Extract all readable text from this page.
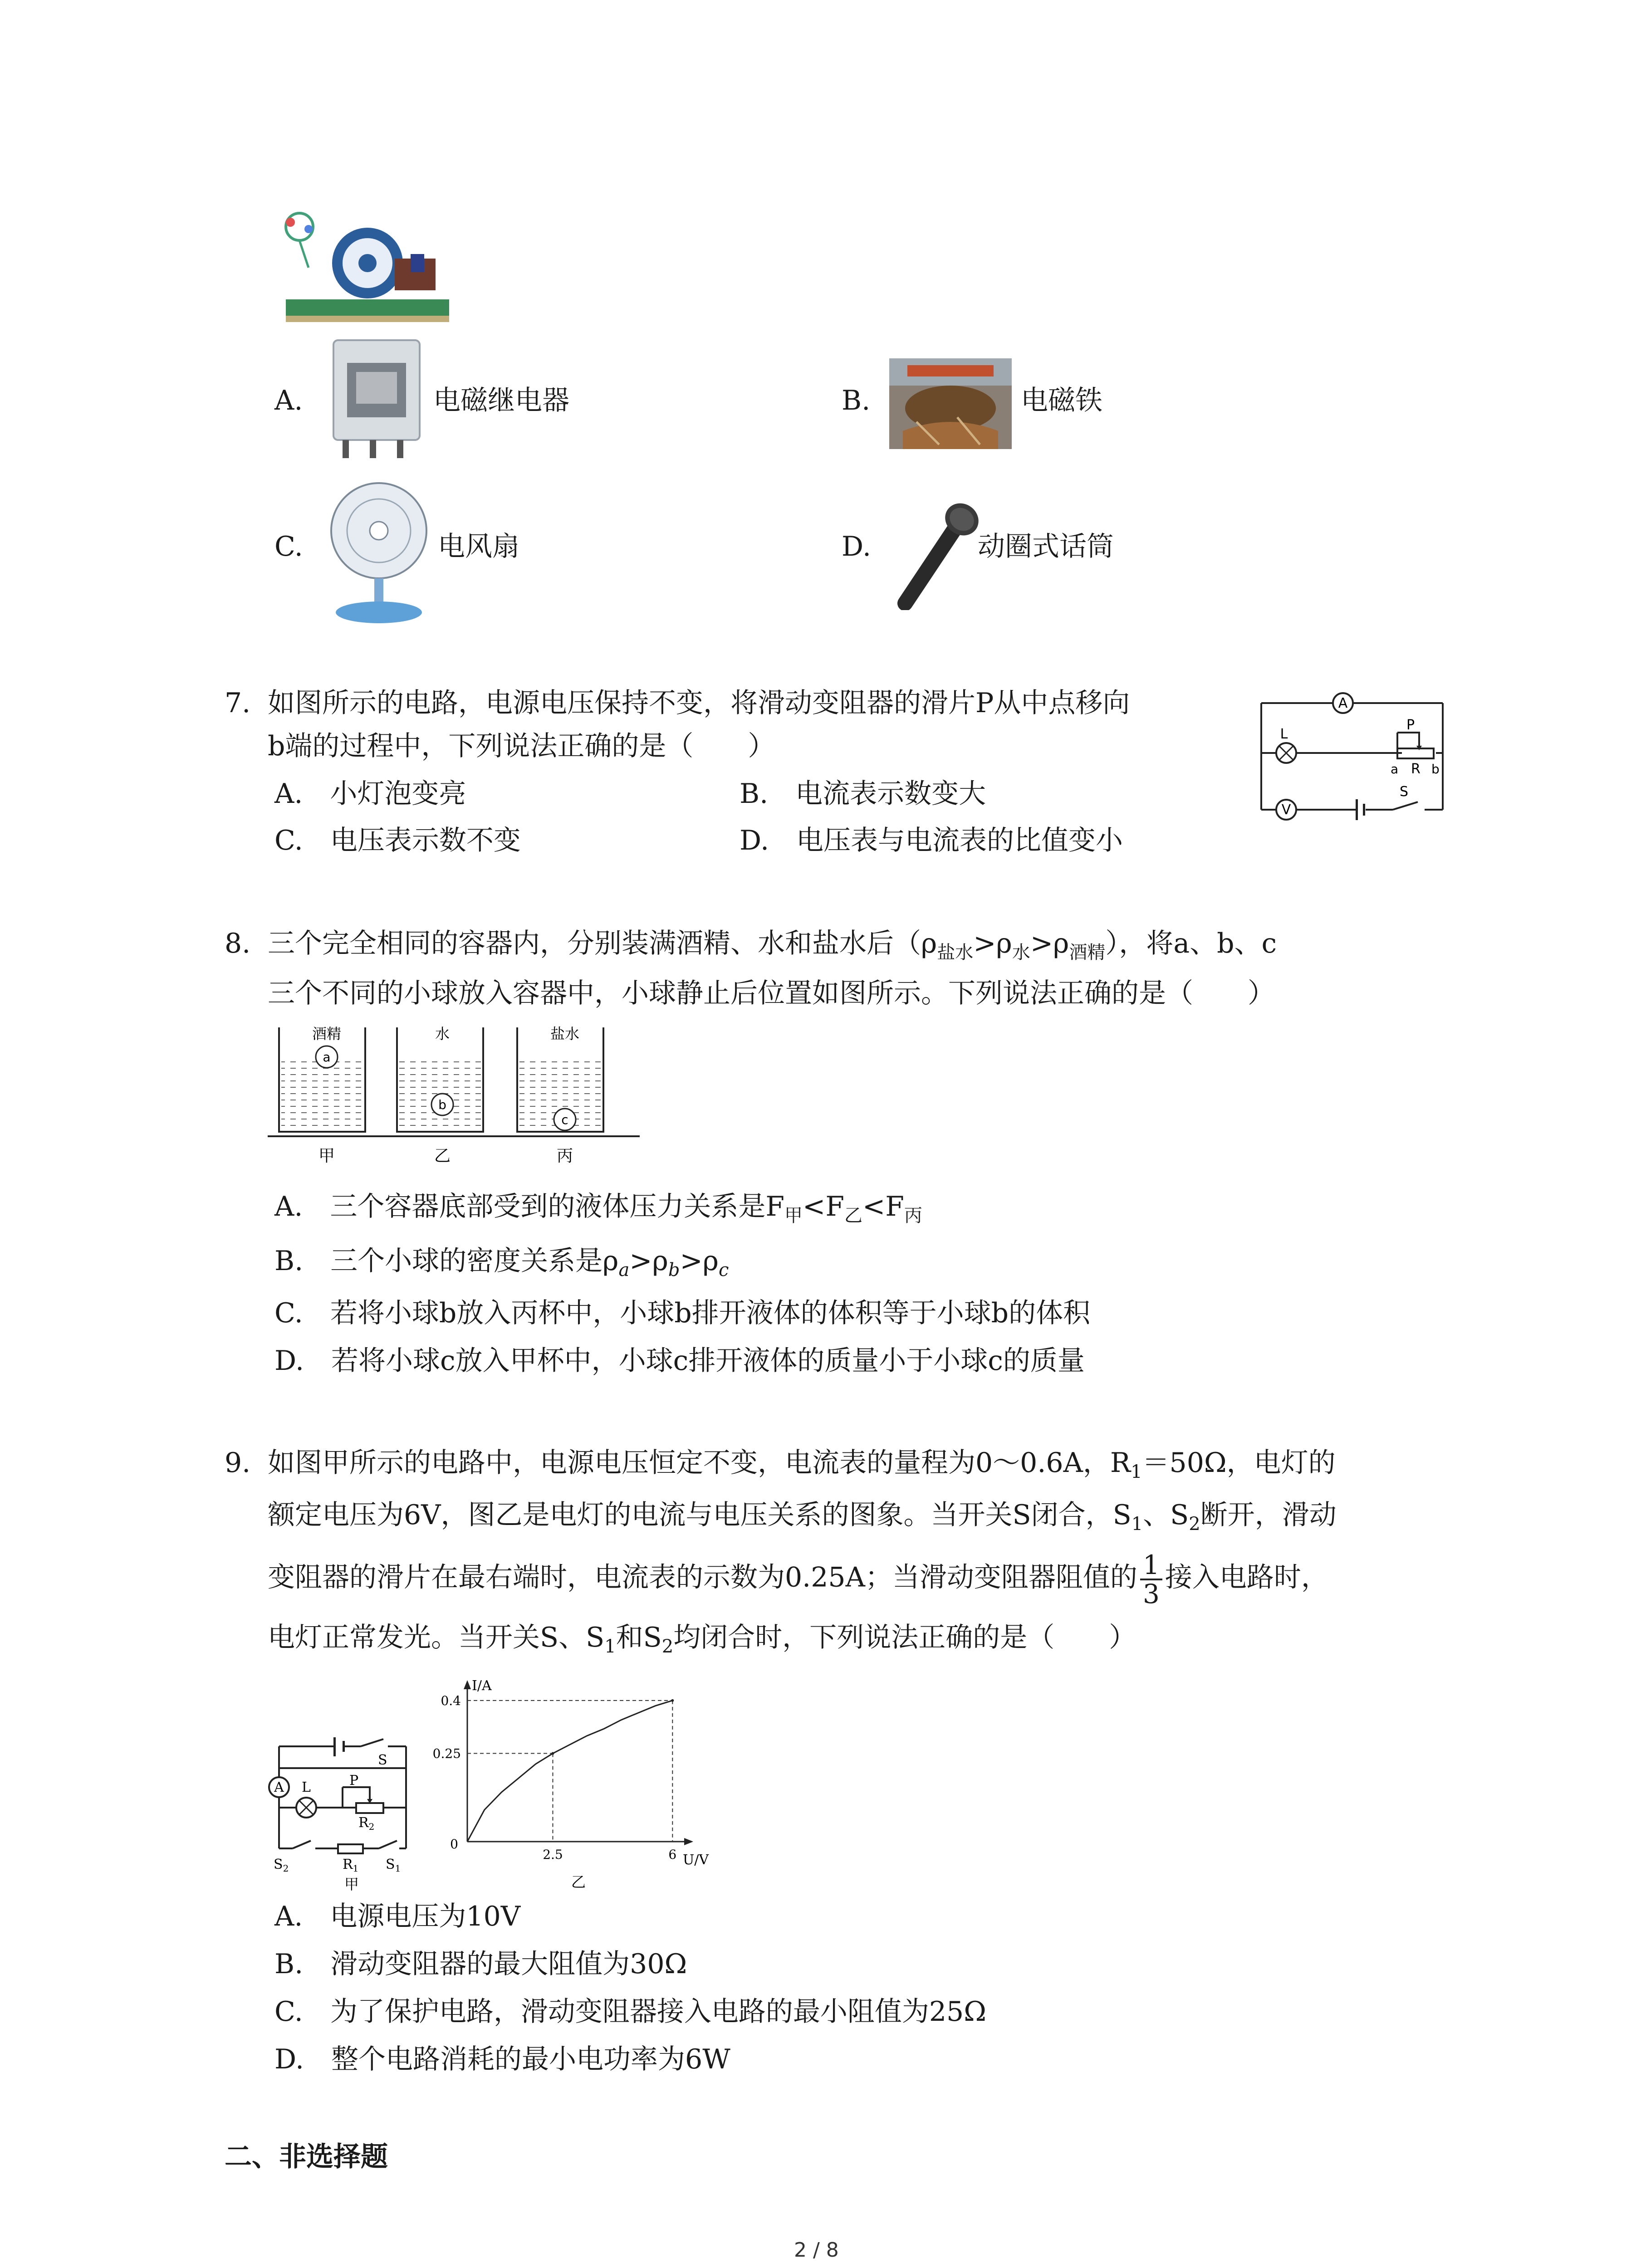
A.	电磁继电器	B.	电磁铁
C.	电风扇	D.	动圈式话筒
7. 如图所示的电路，电源电压保持不变，将滑动变阻器的滑片P从中点移向
b端的过程中，下列说法正确的是（　　）
A.　小灯泡变亮	B.　电流表示数变大
C.　电压表示数不变	D.　电压表与电流表的比值变小
A
V
L
P
a R b
S
8. 三个完全相同的容器内，分别装满酒精、水和盐水后$(\rho_{盐水}>\rho_水>\rho_{酒精})$，将a、b、c
三个不同的小球放入容器中，小球静止后位置如图所示。下列说法正确的是（　　）
a
b
c
酒精	水	盐水
甲	乙	丙
A.　三个容器底部受到的液体压力关系是$F_甲<F_乙<F_丙$
B.　三个小球的密度关系是$\rho_a>\rho_b>\rho_c$
C.　若将小球b放入丙杯中，小球b排开液体的体积等于小球b的体积
D.　若将小球c放入甲杯中，小球c排开液体的质量小于小球c的质量
9. 如图甲所示的电路中，电源电压恒定不变，电流表的量程为0～0.6A，$R_1=50\Omega$，电灯的
额定电压为6V，图乙是电灯的电流与电压关系的图象。当开关S闭合，$S_1$、$S_2$断开，滑动
变阻器的滑片在最右端时，电流表的示数为0.25A；当滑动变阻器阻值的 $\frac{1}{3}$ 接入电路时，
电灯正常发光。当开关S、$S_1$和$S_2$均闭合时，下列说法正确的是（　　）
A L
S
P
$R_2$
$S_2$	$R_1$ $S_1$
甲
I/A
U/V
0
乙
2.5	6
0.25
0.4
A.　电源电压为10V
B.　滑动变阻器的最大阻值为30Ω
C.　为了保护电路，滑动变阻器接入电路的最小阻值为25Ω
D.　整个电路消耗的最小电功率为6W
二、非选择题
2 / 8
